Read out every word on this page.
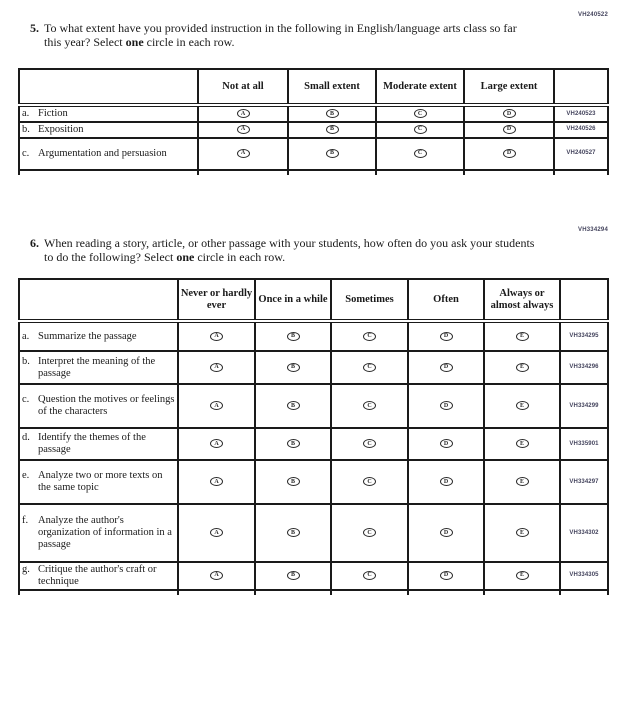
VH240522
5. To what extent have you provided instruction in the following in English/language arts class so far this year? Select one circle in each row.
	Not at all	Small extent	Moderate extent	Large extent	

a. Fiction	A	B	C	D	VH240523

b. Exposition	A	B	C	D	VH240526

c. Argumentation and persuasion	A	B	C	D	VH240527

VH334294
6. When reading a story, article, or other passage with your students, how often do you ask your students to do the following? Select one circle in each row.
	Never or hardly ever	Once in a while	Sometimes	Often	Always or almost always	

a. Summarize the passage	A	B	C	D	E	VH334295

b. Interpret the meaning of the passage	A	B	C	D	E	VH334296

c. Question the motives or feelings of the characters	A	B	C	D	E	VH334299

d. Identify the themes of the passage	A	B	C	D	E	VH335901

e. Analyze two or more texts on the same topic	A	B	C	D	E	VH334297

f. Analyze the author's organization of information in a passage	A	B	C	D	E	VH334302

g. Critique the author's craft or technique	A	B	C	D	E	VH334305
